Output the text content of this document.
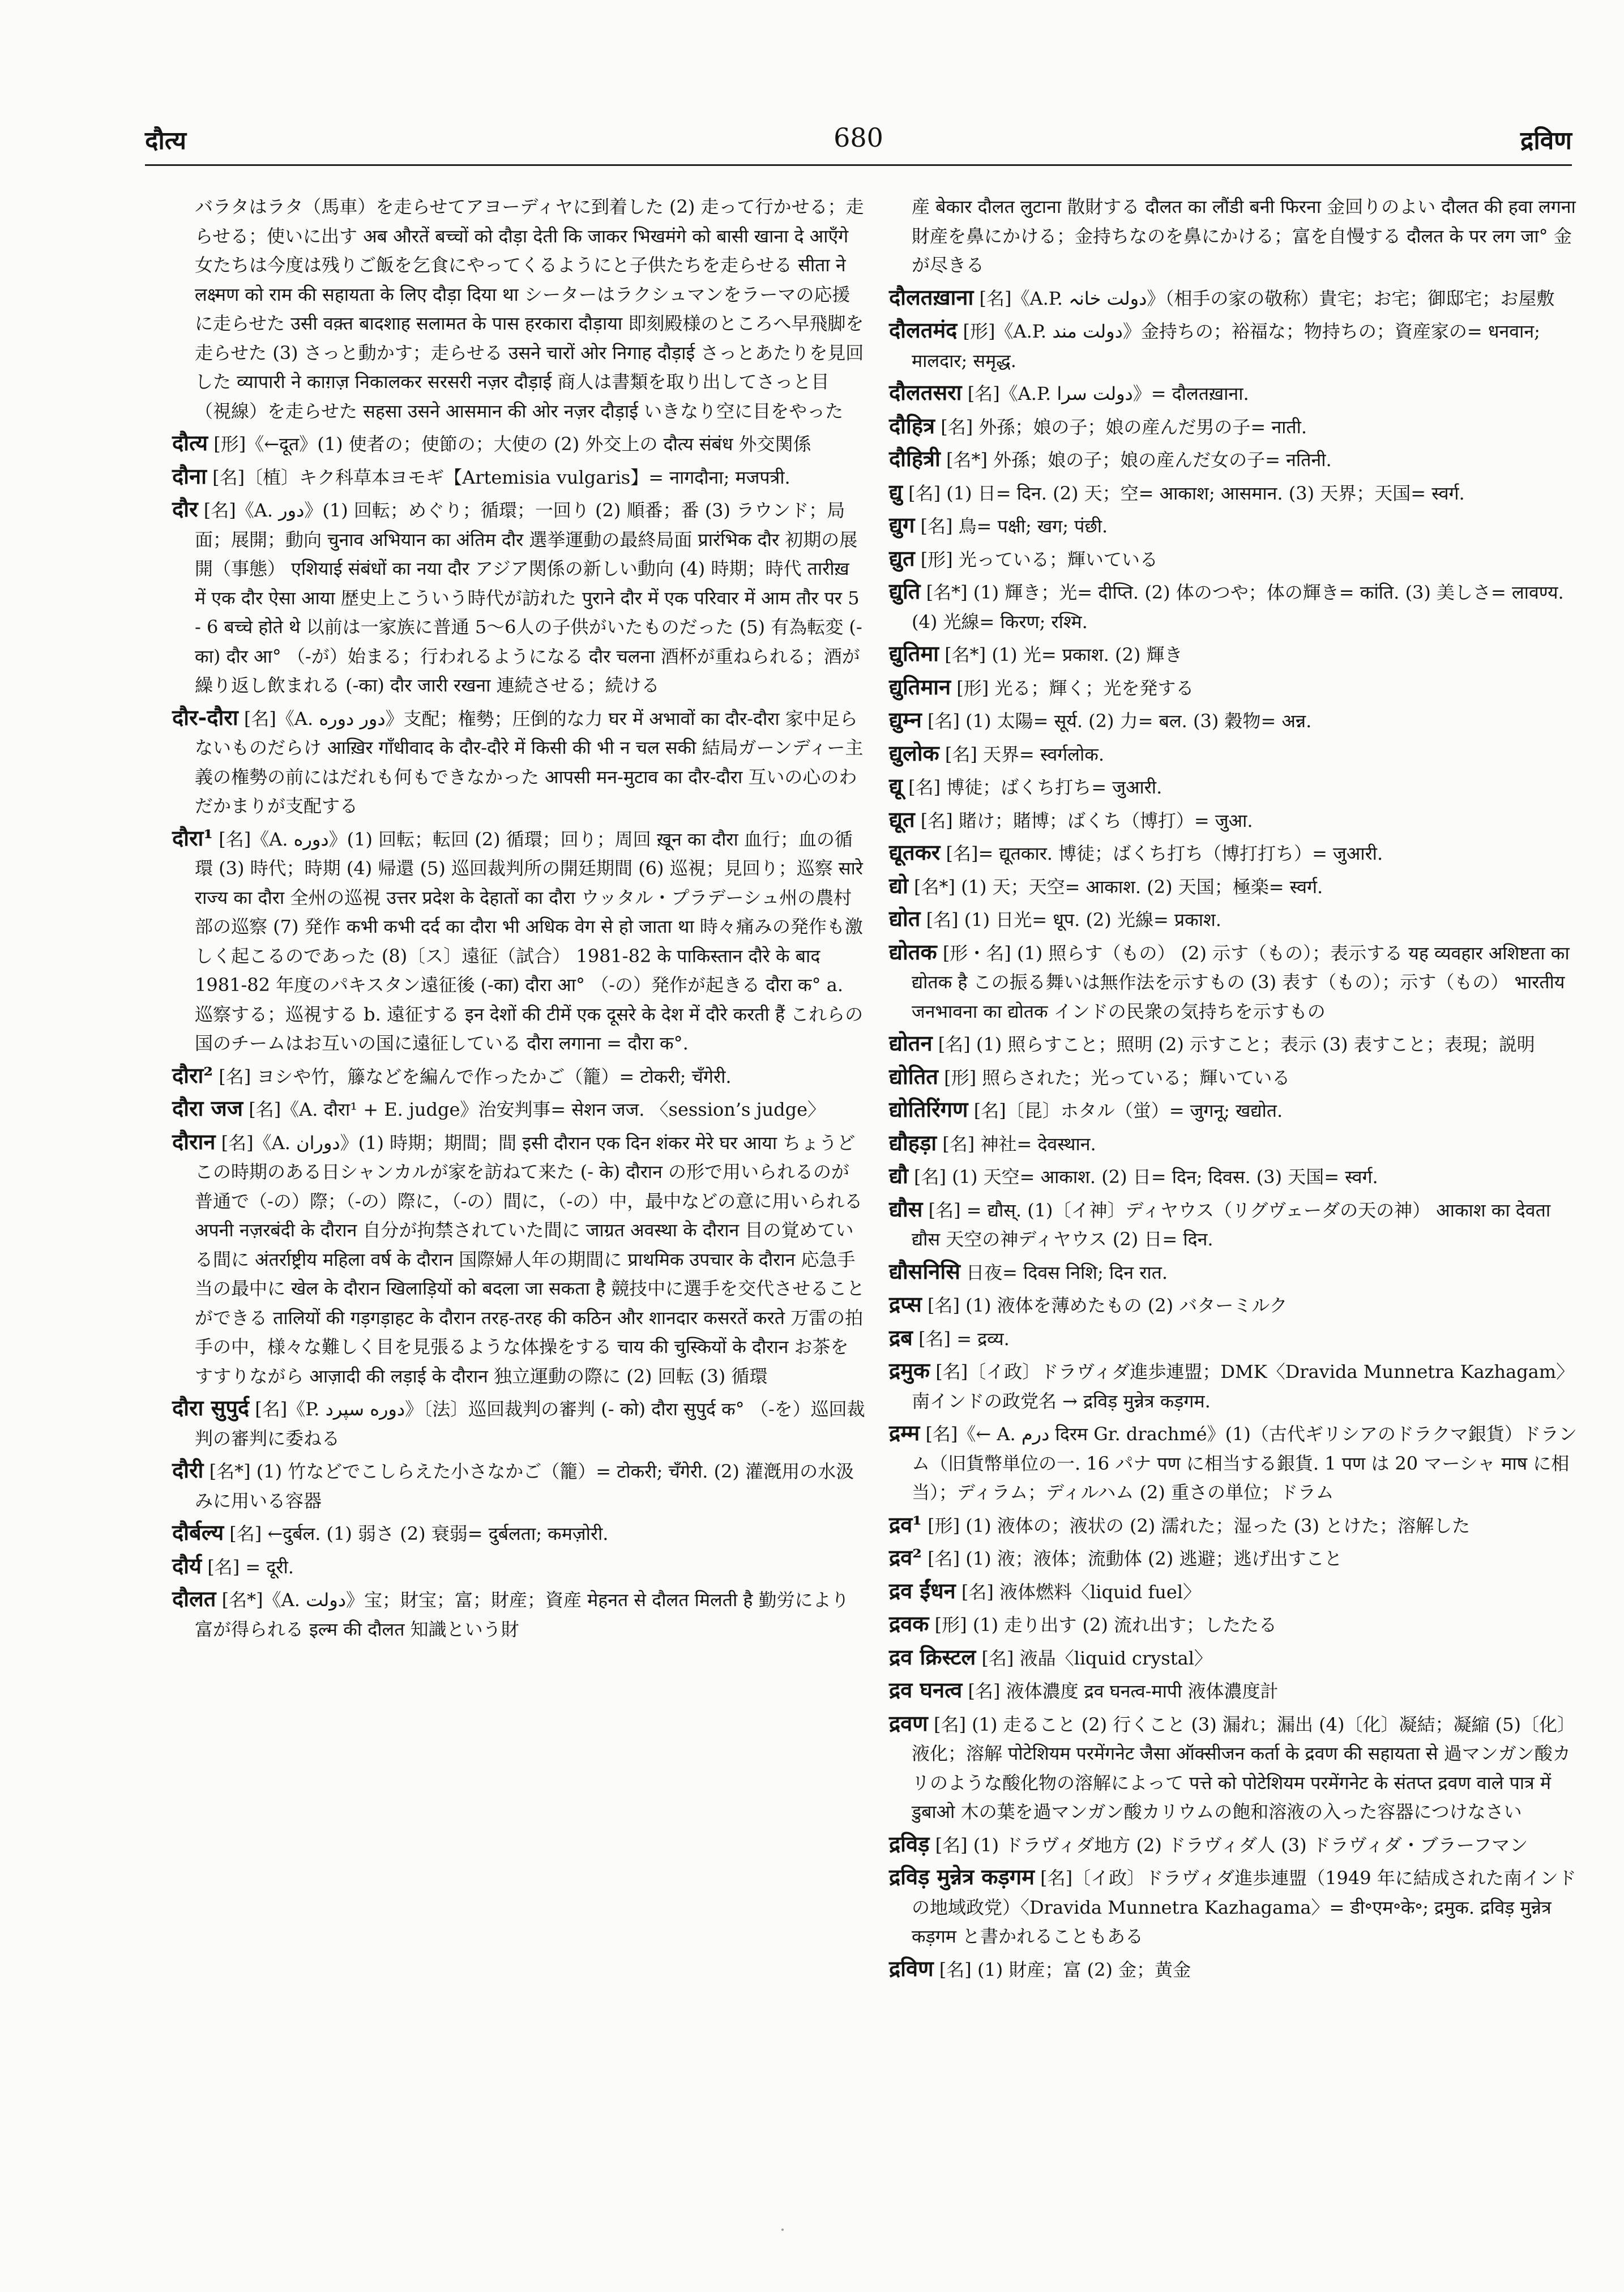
680
दौत्य	द्रविण
バラタはラタ（馬車）を走らせてアヨーディヤに到着した (2) 走って行かせる；走らせる；使いに出す अब औरतें बच्चों को दौड़ा देती कि जाकर भिखमंगे को बासी खाना दे आएँगे 女たちは今度は残りご飯を乞食にやってくるようにと子供たちを走らせる सीता ने लक्ष्मण को राम की सहायता के लिए दौड़ा दिया था シーターはラクシュマンをラーマの応援に走らせた उसी वक़्त बादशाह सलामत के पास हरकारा दौड़ाया 即刻殿様のところへ早飛脚を走らせた (3) さっと動かす；走らせる उसने चारों ओर निगाह दौड़ाई さっとあたりを見回した व्यापारी ने काग़ज़ निकालकर सरसरी नज़र दौड़ाई 商人は書類を取り出してさっと目（視線）を走らせた सहसा उसने आसमान की ओर नज़र दौड़ाई いきなり空に目をやった
दौत्य [形]《←दूत》(1) 使者の；使節の；大使の (2) 外交上の दौत्य संबंध 外交関係
दौना [名]〔植〕キク科草本ヨモギ【Artemisia vulgaris】= नागदौना; मजपत्री.
दौर [名]《A. دور》(1) 回転；めぐり；循環；一回り (2) 順番；番 (3) ラウンド；局面；展開；動向 चुनाव अभियान का अंतिम दौर 選挙運動の最終局面 प्रारंभिक दौर 初期の展開（事態） एशियाई संबंधों का नया दौर アジア関係の新しい動向 (4) 時期；時代 तारीख़ में एक दौर ऐसा आया 歴史上こういう時代が訪れた पुराने दौर में एक परिवार में आम तौर पर 5 - 6 बच्चे होते थे 以前は一家族に普通 5〜6人の子供がいたものだった (5) 有為転変 (-का) दौर आ° （-が）始まる；行われるようになる दौर चलना 酒杯が重ねられる；酒が繰り返し飲まれる (-का) दौर जारी रखना 連続させる；続ける
दौर-दौरा [名]《A. دور دوره》支配；権勢；圧倒的な力 घर में अभावों का दौर-दौरा 家中足らないものだらけ आख़िर गाँधीवाद के दौर-दौरे में किसी की भी न चल सकी 結局ガーンディー主義の権勢の前にはだれも何もできなかった आपसी मन-मुटाव का दौर-दौरा 互いの心のわだかまりが支配する
दौरा¹ [名]《A. دوره》(1) 回転；転回 (2) 循環；回り；周回 ख़ून का दौरा 血行；血の循環 (3) 時代；時期 (4) 帰還 (5) 巡回裁判所の開廷期間 (6) 巡視；見回り；巡察 सारे राज्य का दौरा 全州の巡視 उत्तर प्रदेश के देहातों का दौरा ウッタル・プラデーシュ州の農村部の巡察 (7) 発作 कभी कभी दर्द का दौरा भी अधिक वेग से हो जाता था 時々痛みの発作も激しく起こるのであった (8)〔ス〕遠征（試合） 1981-82 के पाकिस्तान दौरे के बाद 1981-82 年度のパキスタン遠征後 (-का) दौरा आ° （-の）発作が起きる दौरा क° a. 巡察する；巡視する b. 遠征する इन देशों की टीमें एक दूसरे के देश में दौरे करती हैं これらの国のチームはお互いの国に遠征している दौरा लगाना = दौरा क°.
दौरा² [名] ヨシや竹，籐などを編んで作ったかご（籠）= टोकरी; चँगेरी.
दौरा जज [名]《A. दौरा¹ + E. judge》治安判事= सेशन जज. 〈session’s judge〉
दौरान [名]《A. دوران》(1) 時期；期間；間 इसी दौरान एक दिन शंकर मेरे घर आया ちょうどこの時期のある日シャンカルが家を訪ねて来た (- के) दौरान の形で用いられるのが普通で（-の）際；（-の）際に，（-の）間に，（-の）中，最中などの意に用いられる अपनी नज़रबंदी के दौरान 自分が拘禁されていた間に जाग्रत अवस्था के दौरान 目の覚めている間に अंतर्राष्ट्रीय महिला वर्ष के दौरान 国際婦人年の期間に प्राथमिक उपचार के दौरान 応急手当の最中に खेल के दौरान खिलाड़ियों को बदला जा सकता है 競技中に選手を交代させることができる तालियों की गड़गड़ाहट के दौरान तरह-तरह की कठिन और शानदार कसरतें करते 万雷の拍手の中，様々な難しく目を見張るような体操をする चाय की चुस्कियों के दौरान お茶をすすりながら आज़ादी की लड़ाई के दौरान 独立運動の際に (2) 回転 (3) 循環
दौरा सुपुर्द [名]《P. دوره سپرد》〔法〕巡回裁判の審判 (- को) दौरा सुपुर्द क° （-を）巡回裁判の審判に委ねる
दौरी [名*] (1) 竹などでこしらえた小さなかご（籠）= टोकरी; चँगेरी. (2) 灌漑用の水汲みに用いる容器
दौर्बल्य [名] ←दुर्बल. (1) 弱さ (2) 衰弱= दुर्बलता; कमज़ोरी.
दौर्य [名] = दूरी.
दौलत [名*]《A. دولت》宝；財宝；富；財産；資産 मेहनत से दौलत मिलती है 勤労により富が得られる इल्म की दौलत 知識という財
産 बेकार दौलत लुटाना 散財する दौलत का लौंडी बनी फिरना 金回りのよい दौलत की हवा लगना 財産を鼻にかける；金持ちなのを鼻にかける；富を自慢する दौलत के पर लग जा° 金が尽きる
दौलतख़ाना [名]《A.P. دولت خانہ》（相手の家の敬称）貴宅；お宅；御邸宅；お屋敷
दौलतमंद [形]《A.P. دولت مند》金持ちの；裕福な；物持ちの；資産家の= धनवान; मालदार; समृद्ध.
दौलतसरा [名]《A.P. دولت سرا》= दौलतख़ाना.
दौहित्र [名] 外孫；娘の子；娘の産んだ男の子= नाती.
दौहित्री [名*] 外孫；娘の子；娘の産んだ女の子= नतिनी.
द्यु [名] (1) 日= दिन. (2) 天；空= आकाश; आसमान. (3) 天界；天国= स्वर्ग.
द्युग [名] 鳥= पक्षी; खग; पंछी.
द्युत [形] 光っている；輝いている
द्युति [名*] (1) 輝き；光= दीप्ति. (2) 体のつや；体の輝き= कांति. (3) 美しさ= लावण्य. (4) 光線= किरण; रश्मि.
द्युतिमा [名*] (1) 光= प्रकाश. (2) 輝き
द्युतिमान [形] 光る；輝く；光を発する
द्युम्न [名] (1) 太陽= सूर्य. (2) 力= बल. (3) 穀物= अन्न.
द्युलोक [名] 天界= स्वर्गलोक.
द्यू [名] 博徒；ばくち打ち= जुआरी.
द्यूत [名] 賭け；賭博；ばくち（博打）= जुआ.
द्यूतकर [名]= द्यूतकार. 博徒；ばくち打ち（博打打ち）= जुआरी.
द्यो [名*] (1) 天；天空= आकाश. (2) 天国；極楽= स्वर्ग.
द्योत [名] (1) 日光= धूप. (2) 光線= प्रकाश.
द्योतक [形・名] (1) 照らす（もの） (2) 示す（もの）；表示する यह व्यवहार अशिष्टता का द्योतक है この振る舞いは無作法を示すもの (3) 表す（もの）；示す（もの） भारतीय जनभावना का द्योतक インドの民衆の気持ちを示すもの
द्योतन [名] (1) 照らすこと；照明 (2) 示すこと；表示 (3) 表すこと；表現；説明
द्योतित [形] 照らされた；光っている；輝いている
द्योतिरिंगण [名]〔昆〕ホタル（蛍）= जुगनू; खद्योत.
द्यौहड़ा [名] 神社= देवस्थान.
द्यौ [名] (1) 天空= आकाश. (2) 日= दिन; दिवस. (3) 天国= स्वर्ग.
द्यौस [名] = द्यौस्. (1)〔イ神〕ディヤウス（リグヴェーダの天の神） आकाश का देवता द्यौस 天空の神ディヤウス (2) 日= दिन.
द्यौसनिसि 日夜= दिवस निशि; दिन रात.
द्रप्स [名] (1) 液体を薄めたもの (2) バターミルク
द्रब [名] = द्रव्य.
द्रमुक [名]〔イ政〕ドラヴィダ進歩連盟；DMK〈Dravida Munnetra Kazhagam〉南インドの政党名 → द्रविड़ मुन्नेत्र कड़गम.
द्रम्म [名]《← A. درم दिरम Gr. drachmé》(1)（古代ギリシアのドラクマ銀貨）ドランム（旧貨幣単位の一. 16 パナ पण に相当する銀貨. 1 पण は 20 マーシャ माष に相当）；ディラム；ディルハム (2) 重さの単位；ドラム
द्रव¹ [形] (1) 液体の；液状の (2) 濡れた；湿った (3) とけた；溶解した
द्रव² [名] (1) 液；液体；流動体 (2) 逃避；逃げ出すこと
द्रव ईंधन [名] 液体燃料〈liquid fuel〉
द्रवक [形] (1) 走り出す (2) 流れ出す；したたる
द्रव क्रिस्टल [名] 液晶〈liquid crystal〉
द्रव घनत्व [名] 液体濃度 द्रव घनत्व-मापी 液体濃度計
द्रवण [名] (1) 走ること (2) 行くこと (3) 漏れ；漏出 (4)〔化〕凝結；凝縮 (5)〔化〕液化；溶解 पोटेशियम परमेंगनेट जैसा ऑक्सीजन कर्ता के द्रवण की सहायता से 過マンガン酸カリのような酸化物の溶解によって पत्ते को पोटेशियम परमेंगनेट के संतप्त द्रवण वाले पात्र में डुबाओ 木の葉を過マンガン酸カリウムの飽和溶液の入った容器につけなさい
द्रविड़ [名] (1) ドラヴィダ地方 (2) ドラヴィダ人 (3) ドラヴィダ・ブラーフマン
द्रविड़ मुन्नेत्र कड़गम [名]〔イ政〕ドラヴィダ進歩連盟（1949 年に結成された南インドの地域政党）〈Dravida Munnetra Kazhagama〉= डी॰एम॰के॰; द्रमुक. द्रविड़ मुन्नेत्र कड़गम と書かれることもある
द्रविण [名] (1) 財産；富 (2) 金；黄金
